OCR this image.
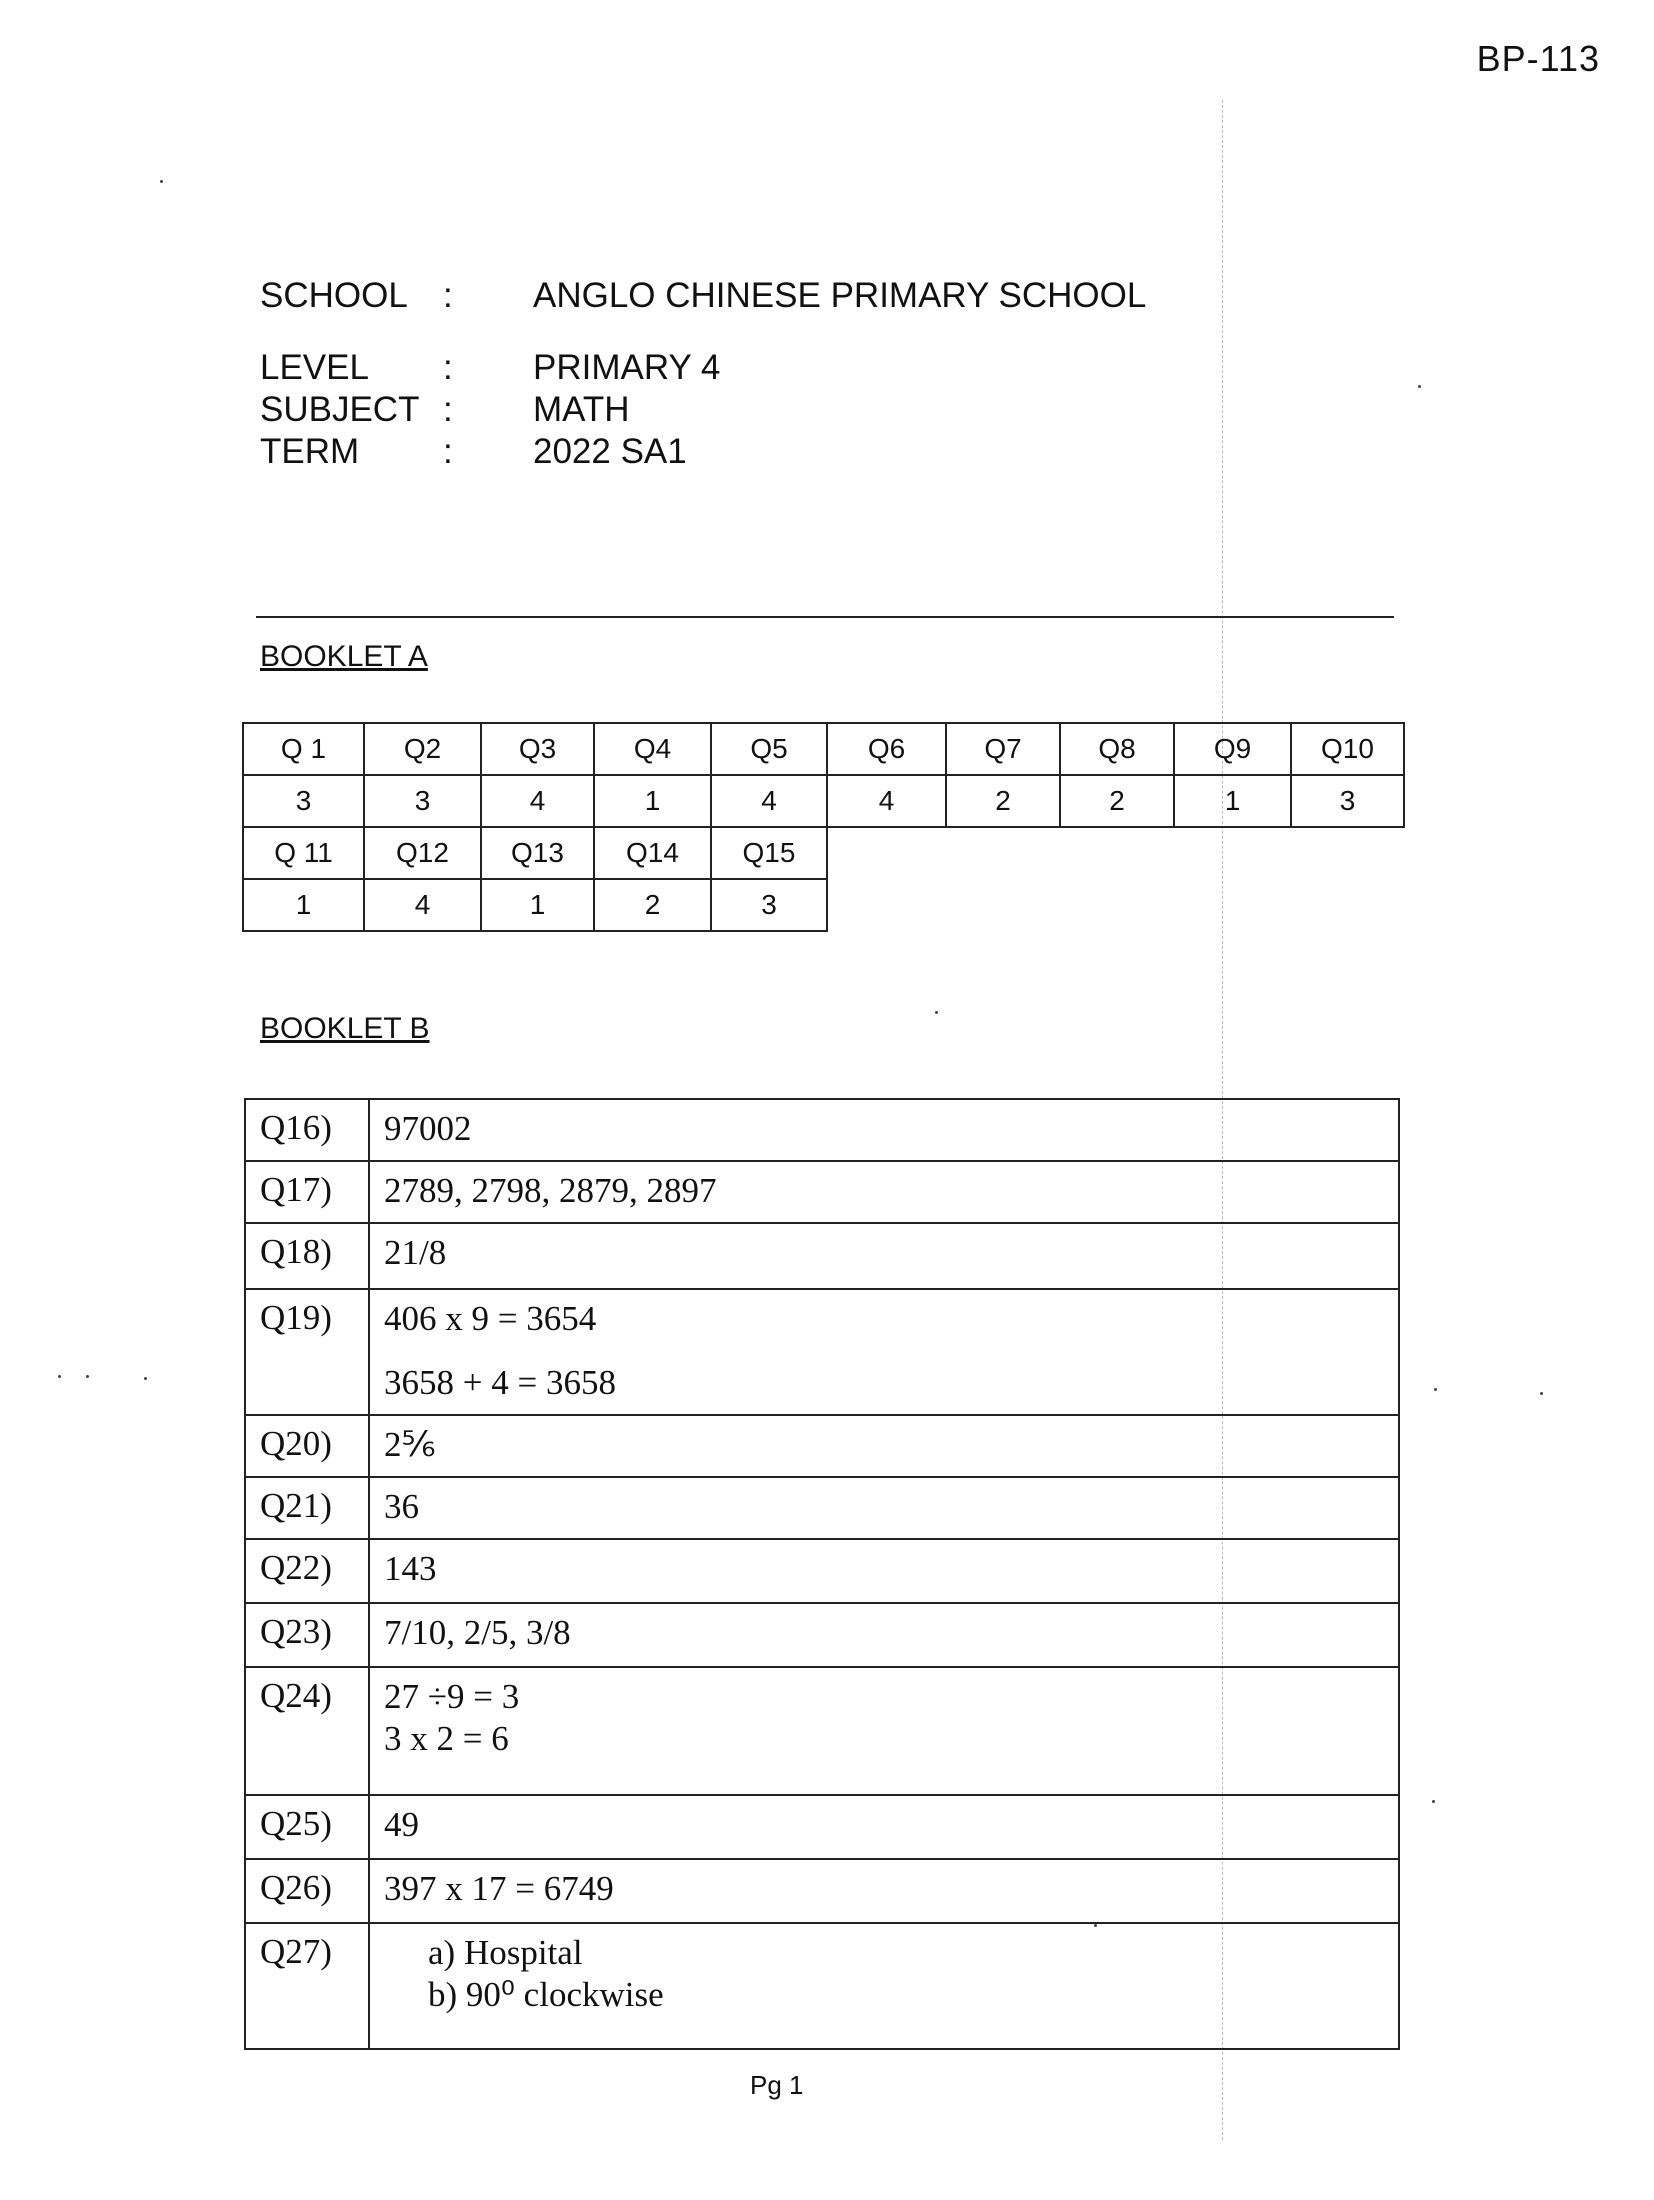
BP-113
SCHOOL : ANGLO CHINESE PRIMARY SCHOOL
LEVEL : PRIMARY 4
SUBJECT : MATH
TERM : 2022 SA1
BOOKLET A
Q 1	Q2	Q3	Q4	Q5	Q6	Q7	Q8	Q9	Q10
3	3	4	1	4	4	2	2	1	3
Q 11	Q12	Q13	Q14	Q15					
1	4	1	2	3					
BOOKLET B
Q16)	97002

Q17)	2789, 2798, 2879, 2897

Q18)	21/8

Q19)	406 x 9 = 3654
3658 + 4 = 3658

Q20)	2⅚

Q21)	36

Q22)	143

Q23)	7/10, 2/5, 3/8

Q24)	27 ÷9 = 3
3 x 2 = 6

Q25)	49

Q26)	397 x 17 = 6749

Q27)	a) Hospital
b) 90⁰ clockwise
Pg 1
